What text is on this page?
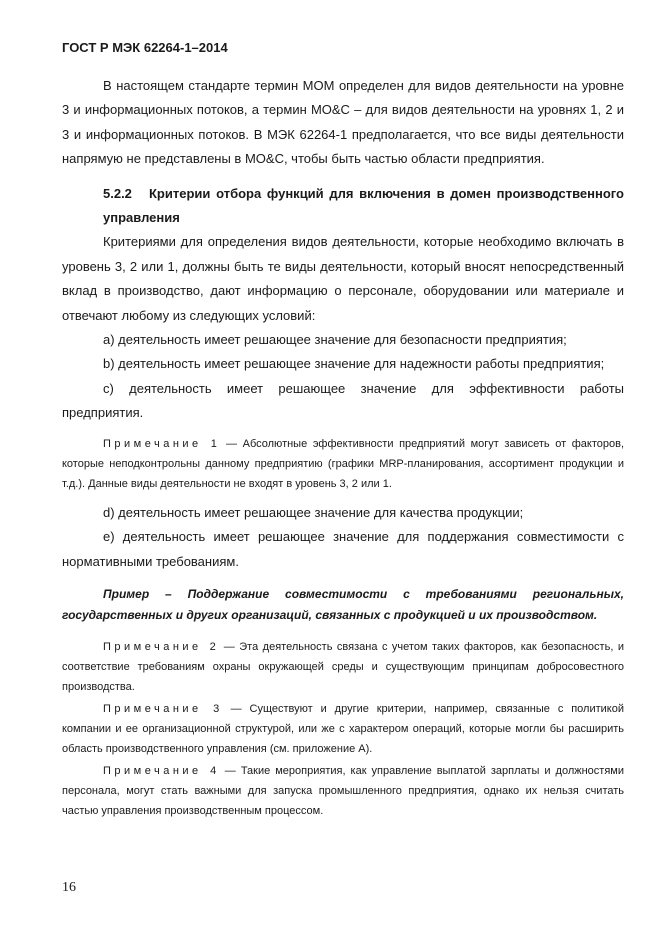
ГОСТ Р МЭК 62264-1–2014

В настоящем стандарте термин МОМ определен для видов деятельности на уровне 3 и информационных потоков, а термин МО&С – для видов деятельности на уровнях 1, 2 и 3 и информационных потоков. В МЭК 62264-1 предполагается, что все виды деятельности напрямую не представлены в МО&С, чтобы быть частью области предприятия.

5.2.2 Критерии отбора функций для включения в домен производственного управления

Критериями для определения видов деятельности, которые необходимо включать в уровень 3, 2 или 1, должны быть те виды деятельности, который вносят непосредственный вклад в производство, дают информацию о персонале, оборудовании или материале и отвечают любому из следующих условий:

а) деятельность имеет решающее значение для безопасности предприятия;

b) деятельность имеет решающее значение для надежности работы предприятия;

с) деятельность имеет решающее значение для эффективности работы предприятия.

Примечание 1 — Абсолютные эффективности предприятий могут зависеть от факторов, которые неподконтрольны данному предприятию (графики MRP-планирования, ассортимент продукции и т.д.). Данные виды деятельности не входят в уровень 3, 2 или 1.

d) деятельность имеет решающее значение для качества продукции;

е) деятельность имеет решающее значение для поддержания совместимости с нормативными требованиям.

Пример – Поддержание совместимости с требованиями региональных, государственных и других организаций, связанных с продукцией и их производством.

Примечание 2 — Эта деятельность связана с учетом таких факторов, как безопасность, и соответствие требованиям охраны окружающей среды и существующим принципам добросовестного производства.

Примечание 3 — Существуют и другие критерии, например, связанные с политикой компании и ее организационной структурой, или же с характером операций, которые могли бы расширить область производственного управления (см. приложение А).

Примечание 4 — Такие мероприятия, как управление выплатой зарплаты и должностями персонала, могут стать важными для запуска промышленного предприятия, однако их нельзя считать частью управления производственным процессом.

16
